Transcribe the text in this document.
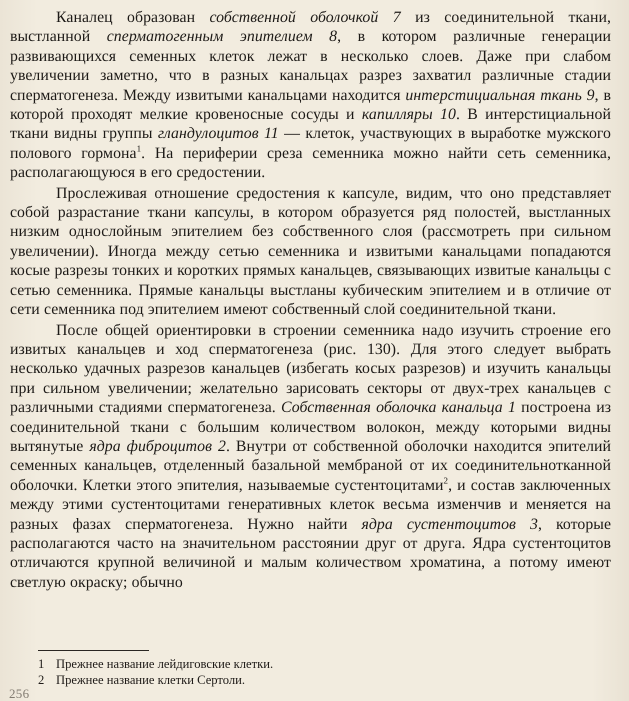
Каналец образован собственной оболочкой 7 из соединительной ткани, выстланной сперматогенным эпителием 8, в котором различные генерации развивающихся семенных клеток лежат в несколько слоев. Даже при слабом увеличении заметно, что в разных канальцах разрез захватил различные стадии сперматогенеза. Между извитыми канальцами находится интерстициальная ткань 9, в которой проходят мелкие кровеносные сосуды и капилляры 10. В интерстициальной ткани видны группы гландулоцитов 11 — клеток, участвующих в выработке мужского полового гормона$^1$. На периферии среза семенника можно найти сеть семенника, располагающуюся в его средостении.

Прослеживая отношение средостения к капсуле, видим, что оно представляет собой разрастание ткани капсулы, в котором образуется ряд полостей, выстланных низким однослойным эпителием без собственного слоя (рассмотреть при сильном увеличении). Иногда между сетью семенника и извитыми канальцами попадаются косые разрезы тонких и коротких прямых канальцев, связывающих извитые канальцы с сетью семенника. Прямые канальцы выстланы кубическим эпителием и в отличие от сети семенника под эпителием имеют собственный слой соединительной ткани.

После общей ориентировки в строении семенника надо изучить строение его извитых канальцев и ход сперматогенеза (рис. 130). Для этого следует выбрать несколько удачных разрезов канальцев (избегать косых разрезов) и изучить канальцы при сильном увеличении; желательно зарисовать секторы от двух-трех канальцев с различными стадиями сперматогенеза. Собственная оболочка канальца 1 построена из соединительной ткани с большим количеством волокон, между которыми видны вытянутые ядра фиброцитов 2. Внутри от собственной оболочки находится эпителий семенных канальцев, отделенный базальной мембраной от их соединительнотканной оболочки. Клетки этого эпителия, называемые сустентоцитами$^2$, и состав заключенных между этими сустентоцитами генеративных клеток весьма изменчив и меняется на разных фазах сперматогенеза. Нужно найти ядра сустентоцитов 3, которые располагаются часто на значительном расстоянии друг от друга. Ядра сустентоцитов отличаются крупной величиной и малым количеством хроматина, а потому имеют светлую окраску; обычно

1 Прежнее название лейдиговские клетки.

2 Прежнее название клетки Сертоли.

256
